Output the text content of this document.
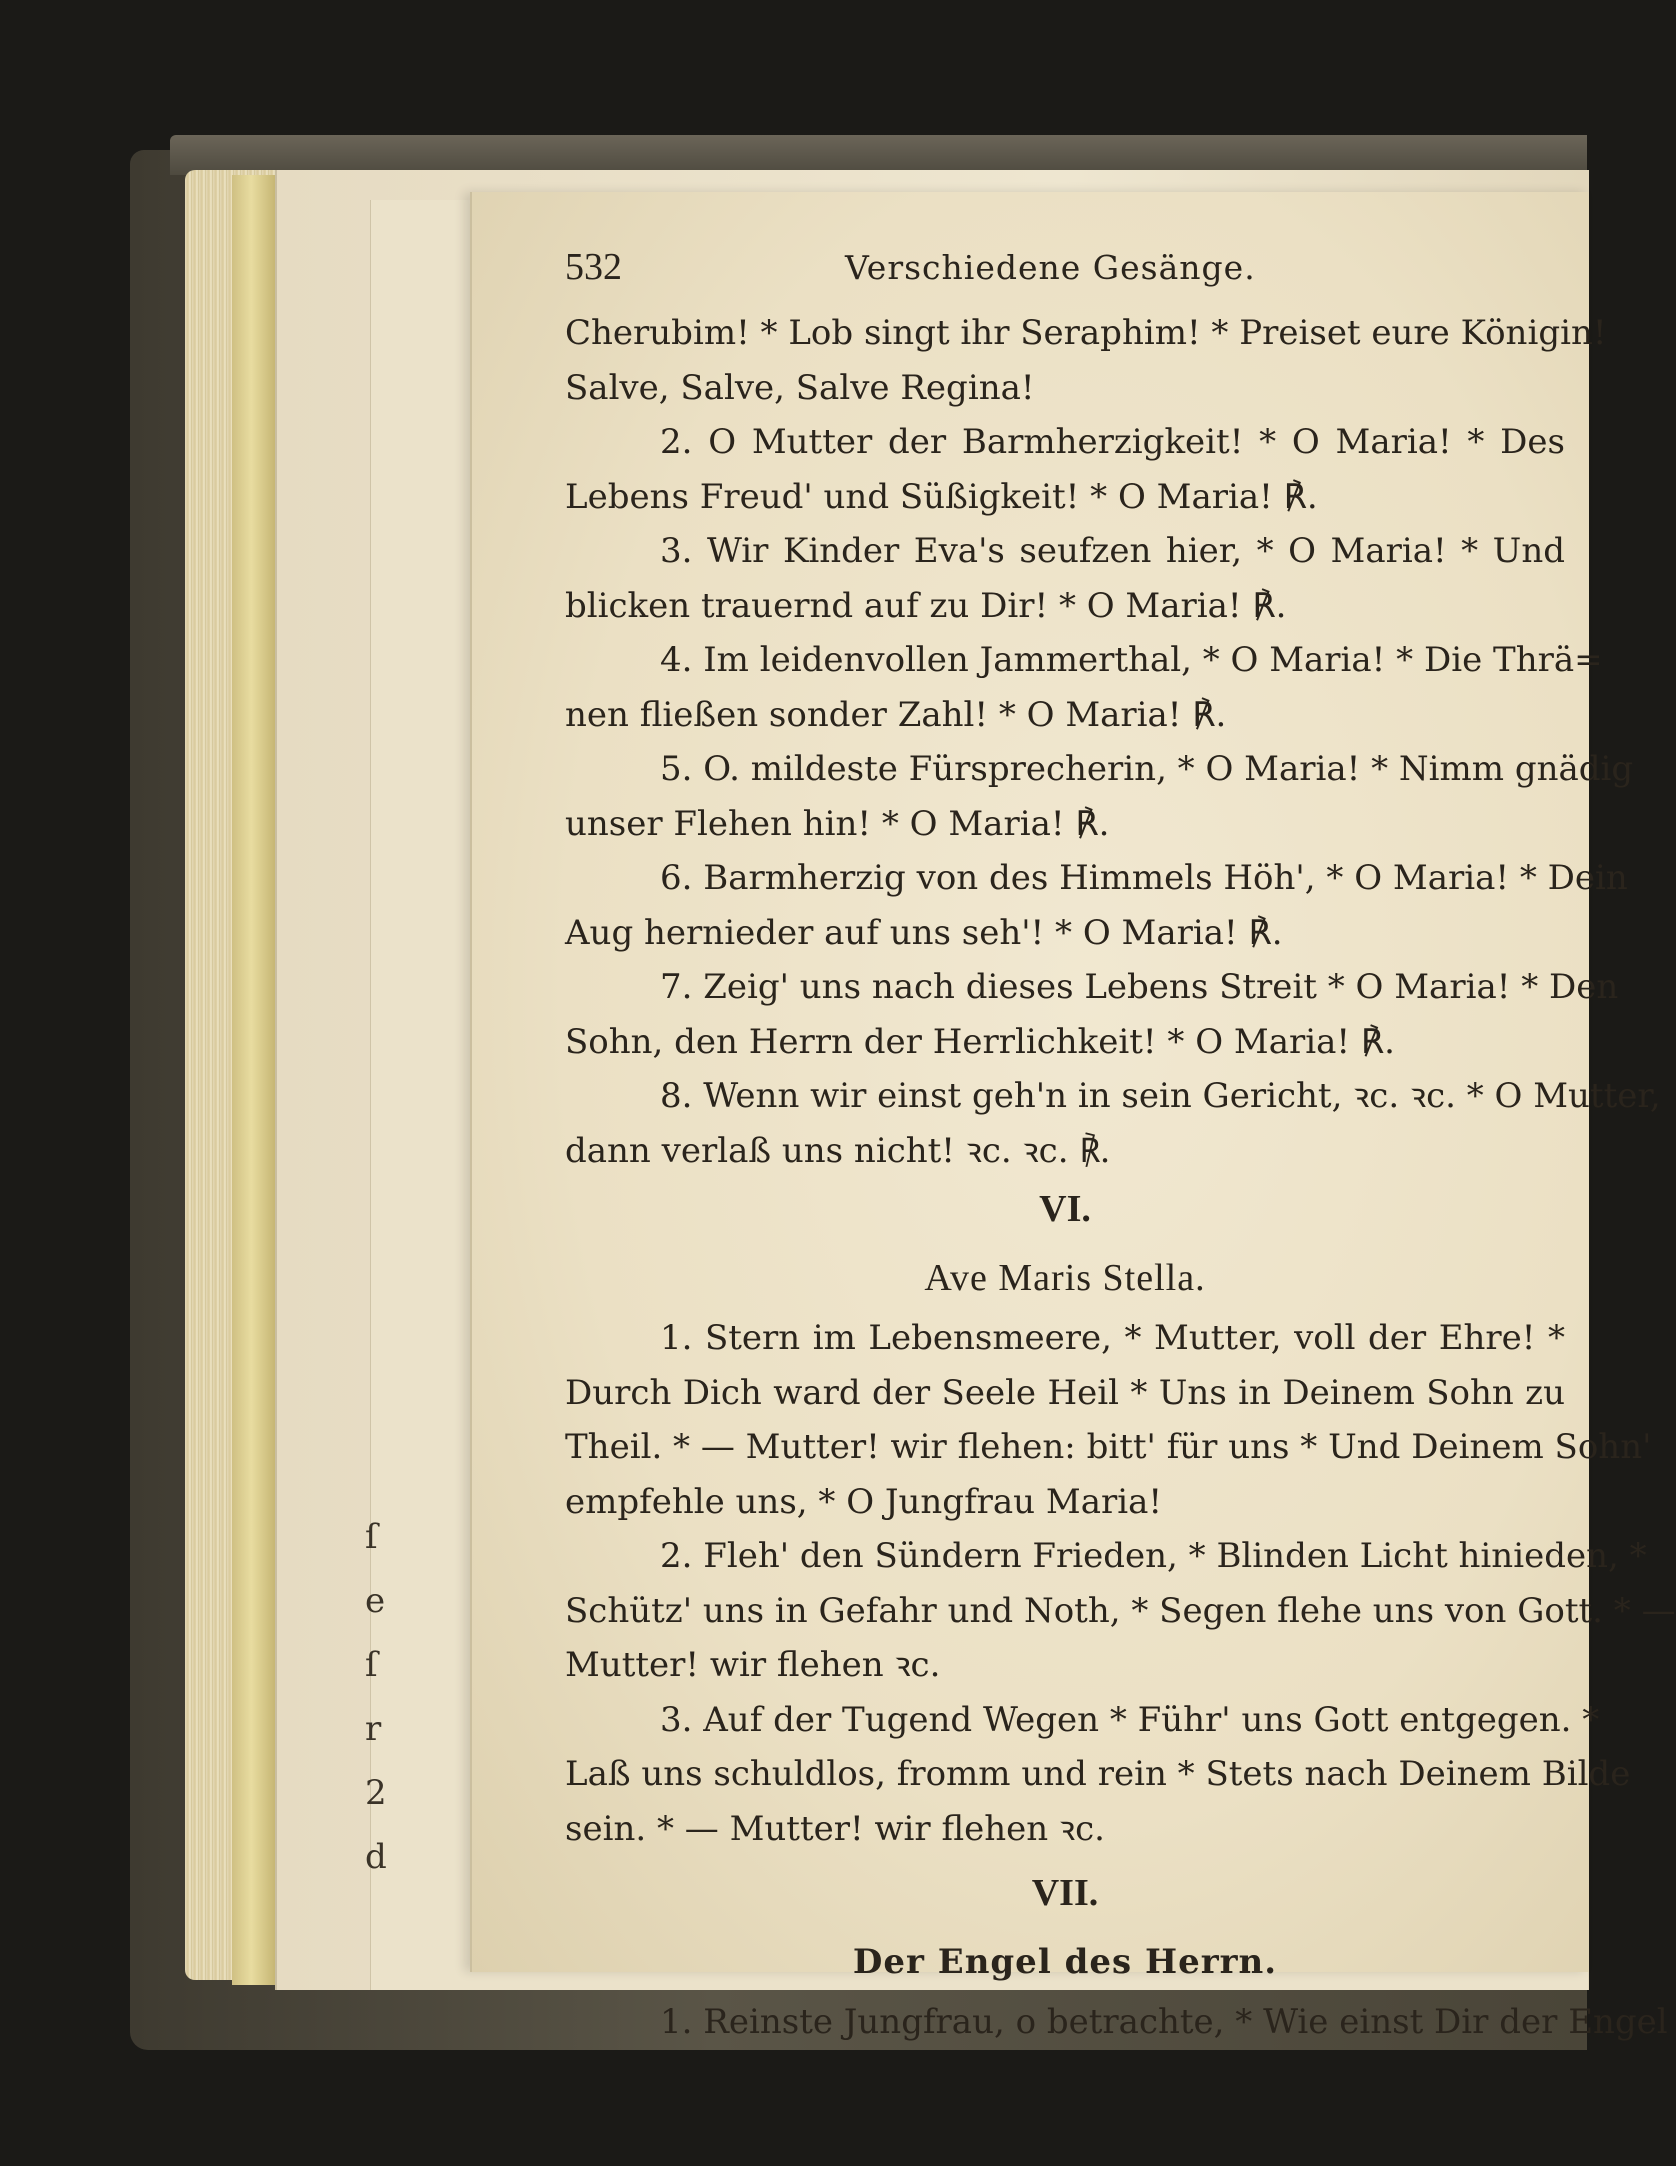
ſ
e
ſ
r
2
d
532	Verschiedene Gesänge.
Cherubim! * Lob singt ihr Seraphim! * Preiset eure Königin!
Salve, Salve, Salve Regina!
2. O Mutter der Barmherzigkeit! * O Maria! * Des
Lebens Freud' und Süßigkeit! * O Maria! ℟.
3. Wir Kinder Eva's seufzen hier, * O Maria! * Und
blicken trauernd auf zu Dir! * O Maria! ℟.
4. Im leidenvollen Jammerthal, * O Maria! * Die Thrä=
nen fließen sonder Zahl! * O Maria! ℟.
5. O. mildeste Fürsprecherin, * O Maria! * Nimm gnädig
unser Flehen hin! * O Maria! ℟.
6. Barmherzig von des Himmels Höh', * O Maria! * Dein
Aug hernieder auf uns seh'! * O Maria! ℟.
7. Zeig' uns nach dieses Lebens Streit * O Maria! * Den
Sohn, den Herrn der Herrlichkeit! * O Maria! ℟.
8. Wenn wir einst geh'n in sein Gericht, ꝛc. ꝛc. * O Mutter,
dann verlaß uns nicht! ꝛc. ꝛc. ℟.
VI.
Ave Maris Stella.
1. Stern im Lebensmeere, * Mutter, voll der Ehre! *
Durch Dich ward der Seele Heil * Uns in Deinem Sohn zu
Theil. * — Mutter! wir flehen: bitt' für uns * Und Deinem Sohn'
empfehle uns, * O Jungfrau Maria!
2. Fleh' den Sündern Frieden, * Blinden Licht hinieden, *
Schütz' uns in Gefahr und Noth, * Segen flehe uns von Gott. * —
Mutter! wir flehen ꝛc.
3. Auf der Tugend Wegen * Führ' uns Gott entgegen. *
Laß uns schuldlos, fromm und rein * Stets nach Deinem Bilde
sein. * — Mutter! wir flehen ꝛc.
VII.
Der Engel des Herrn.
1. Reinste Jungfrau, o betrachte, * Wie einst Dir der Engel
